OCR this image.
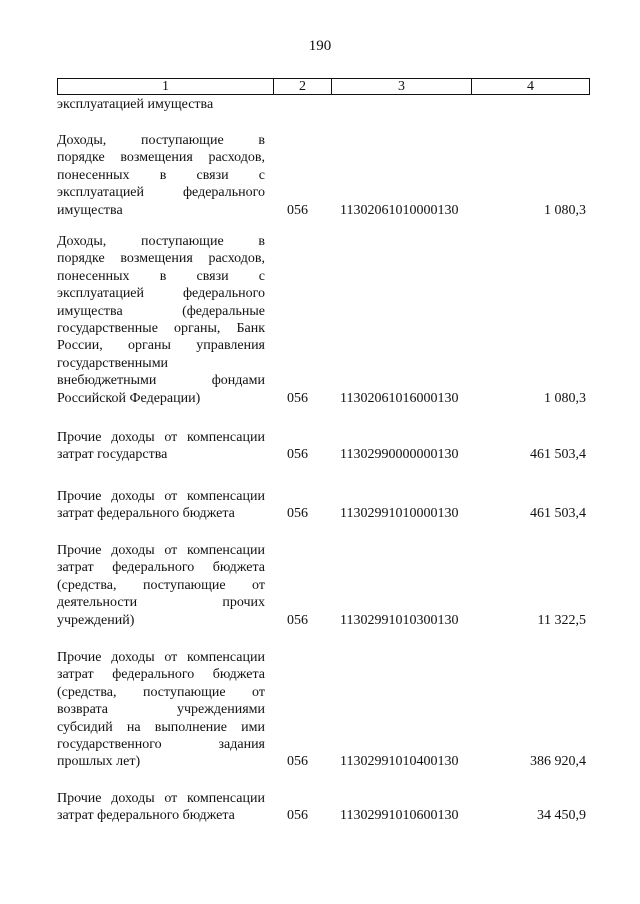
190
1	2	3	4
эксплуатацией имущества
Доходы, поступающие в
порядке возмещения расходов,
понесенных в связи с
эксплуатацией федерального
имущества	056	11302061010000130	1 080,3
Доходы, поступающие в
порядке возмещения расходов,
понесенных в связи с
эксплуатацией федерального
имущества (федеральные
государственные органы, Банк
России, органы управления
государственными
внебюджетными фондами
Российской Федерации)	056	11302061016000130	1 080,3
Прочие доходы от компенсации
затрат государства	056	11302990000000130	461 503,4
Прочие доходы от компенсации
затрат федерального бюджета	056	11302991010000130	461 503,4
Прочие доходы от компенсации
затрат федерального бюджета
(средства, поступающие от
деятельности прочих
учреждений)	056	11302991010300130	11 322,5
Прочие доходы от компенсации
затрат федерального бюджета
(средства, поступающие от
возврата учреждениями
субсидий на выполнение ими
государственного задания
прошлых лет)	056	11302991010400130	386 920,4
Прочие доходы от компенсации
затрат федерального бюджета	056	11302991010600130	34 450,9
